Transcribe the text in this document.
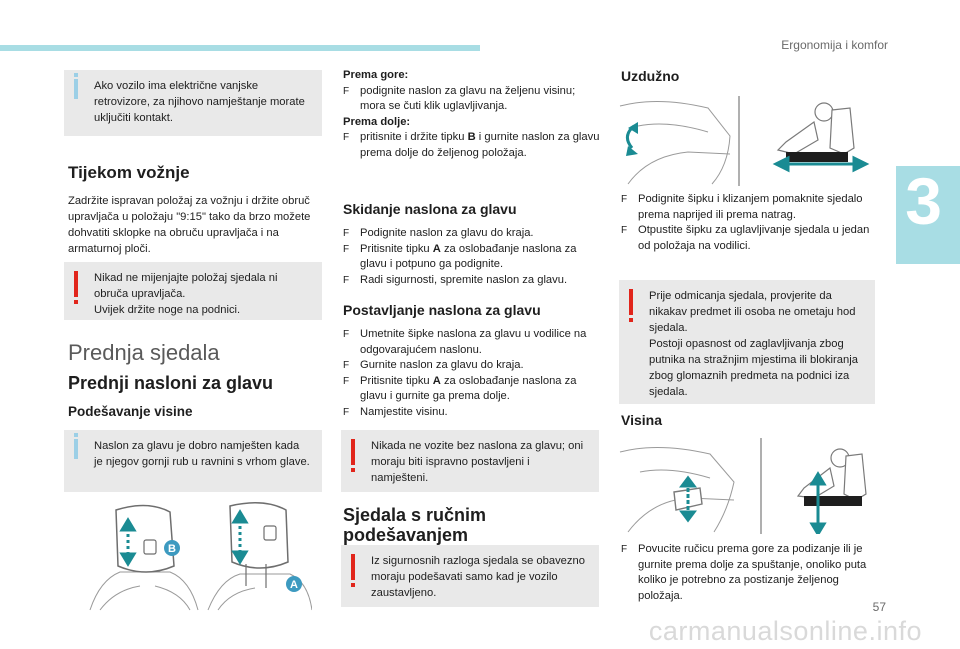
Ergonomija i komfor
3
57
carmanualsonline.info

Ako vozilo ima električne vanjske retrovizore, za njihovo namještanje morate uključiti kontakt.

Tijekom vožnje

Zadržite ispravan položaj za vožnju i držite obruč upravljača u položaju "9:15" tako da brzo možete dohvatiti sklopke na obruču upravljača i na armaturnoj ploči.

Nikad ne mijenjajte položaj sjedala ni obruča upravljača.

Uvijek držite noge na podnici.

Prednja sjedala
Prednji nasloni za glavu
Podešavanje visine

Naslon za glavu je dobro namješten kada je njegov gornji rub u ravnini s vrhom glave.

B
A
Prema gore:
F podignite naslon za glavu na željenu visinu; mora se čuti klik uglavljivanja.
Prema dolje:
F pritisnite i držite tipku B i gurnite naslon za glavu prema dolje do željenog položaja.
Skidanje naslona za glavu
F Podignite naslon za glavu do kraja.
F Pritisnite tipku A za oslobađanje naslona za glavu i potpuno ga podignite.
F Radi sigurnosti, spremite naslon za glavu.
Postavljanje naslona za glavu
F Umetnite šipke naslona za glavu u vodilice na odgovarajućem naslonu.
F Gurnite naslon za glavu do kraja.
F Pritisnite tipku A za oslobađanje naslona za glavu i gurnite ga prema dolje.
F Namjestite visinu.

Nikada ne vozite bez naslona za glavu; oni moraju biti ispravno postavljeni i namješteni.

Sjedala s ručnim
podešavanjem

Iz sigurnosnih razloga sjedala se obavezno moraju podešavati samo kad je vozilo zaustavljeno.

Uzdužno
F Podignite šipku i klizanjem pomaknite sjedalo prema naprijed ili prema natrag.
F Otpustite šipku za uglavljivanje sjedala u jedan od položaja na vodilici.

Prije odmicanja sjedala, provjerite da nikakav predmet ili osoba ne ometaju hod sjedala.

Postoji opasnost od zaglavljivanja zbog putnika na stražnjim mjestima ili blokiranja zbog glomaznih predmeta na podnici iza sjedala.

Visina
F Povucite ručicu prema gore za podizanje ili je gurnite prema dolje za spuštanje, onoliko puta koliko je potrebno za postizanje željenog položaja.
